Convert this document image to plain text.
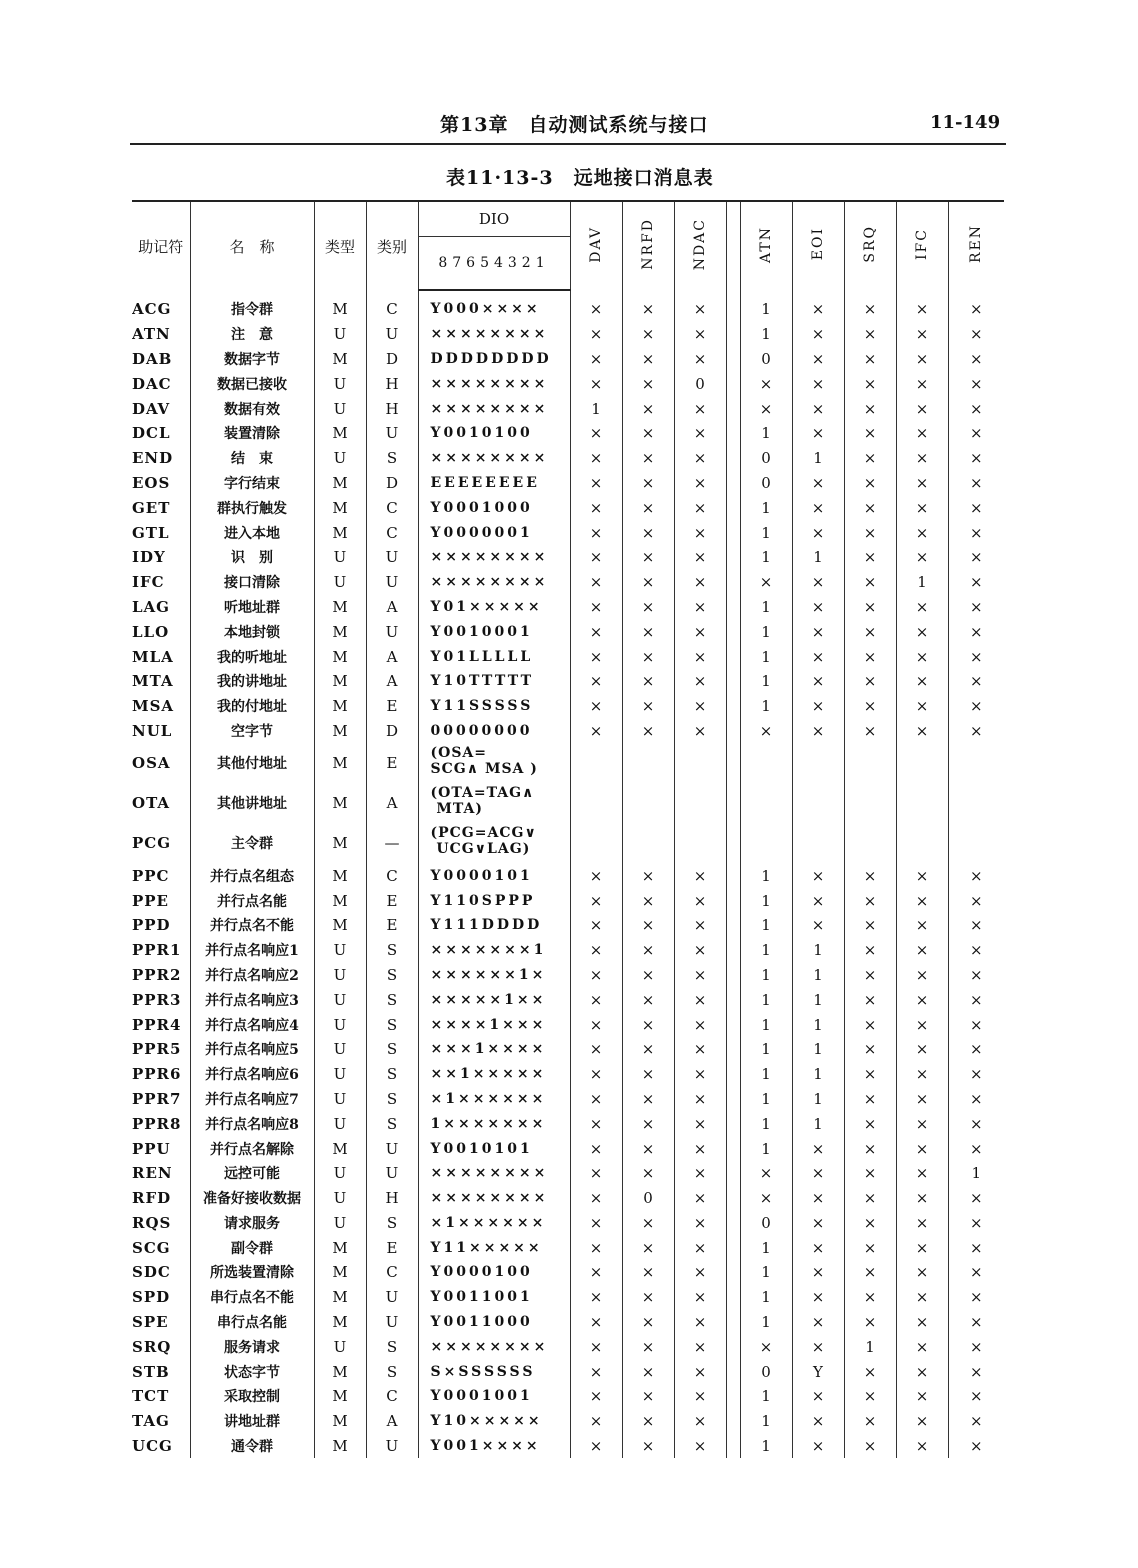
第13章　自动测试系统与接口	11-149
表11·13-3　远地接口消息表
助记符	名　称	类型	类别	DIO	DAV	NRFD	NDAC		ATN	EOI	SRQ	IFC	REN
				87654321									
ACG	指令群	M	C	Y000××××	×	×	×		1	×	×	×	×
ATN	注　意	U	U	××××××××	×	×	×		1	×	×	×	×
DAB	数据字节	M	D	DDDDDDDD	×	×	×		0	×	×	×	×
DAC	数据已接收	U	H	××××××××	×	×	0		×	×	×	×	×
DAV	数据有效	U	H	××××××××	1	×	×		×	×	×	×	×
DCL	装置清除	M	U	Y0010100	×	×	×		1	×	×	×	×
END	结　束	U	S	××××××××	×	×	×		0	1	×	×	×
EOS	字行结束	M	D	EEEEEEEE	×	×	×		0	×	×	×	×
GET	群执行触发	M	C	Y0001000	×	×	×		1	×	×	×	×
GTL	进入本地	M	C	Y0000001	×	×	×		1	×	×	×	×
IDY	识　别	U	U	××××××××	×	×	×		1	1	×	×	×
IFC	接口清除	U	U	××××××××	×	×	×		×	×	×	1	×
LAG	听地址群	M	A	Y01×××××	×	×	×		1	×	×	×	×
LLO	本地封锁	M	U	Y0010001	×	×	×		1	×	×	×	×
MLA	我的听地址	M	A	Y01LLLLL	×	×	×		1	×	×	×	×
MTA	我的讲地址	M	A	Y10TTTTT	×	×	×		1	×	×	×	×
MSA	我的付地址	M	E	Y11SSSSS	×	×	×		1	×	×	×	×
NUL	空字节	M	D	00000000	×	×	×		×	×	×	×	×
OSA	其他付地址	M	E	(OSA=
SCG∧ MSA )									
OTA	其他讲地址	M	A	(OTA=TAG∧
MTA)									
PCG	主令群	M	—	(PCG=ACG∨
UCG∨LAG)									
PPC	并行点名组态	M	C	Y0000101	×	×	×		1	×	×	×	×
PPE	并行点名能	M	E	Y110SPPP	×	×	×		1	×	×	×	×
PPD	并行点名不能	M	E	Y111DDDD	×	×	×		1	×	×	×	×
PPR1	并行点名响应1	U	S	×××××××1	×	×	×		1	1	×	×	×
PPR2	并行点名响应2	U	S	××××××1×	×	×	×		1	1	×	×	×
PPR3	并行点名响应3	U	S	×××××1××	×	×	×		1	1	×	×	×
PPR4	并行点名响应4	U	S	××××1×××	×	×	×		1	1	×	×	×
PPR5	并行点名响应5	U	S	×××1××××	×	×	×		1	1	×	×	×
PPR6	并行点名响应6	U	S	××1×××××	×	×	×		1	1	×	×	×
PPR7	并行点名响应7	U	S	×1××××××	×	×	×		1	1	×	×	×
PPR8	并行点名响应8	U	S	1×××××××	×	×	×		1	1	×	×	×
PPU	并行点名解除	M	U	Y0010101	×	×	×		1	×	×	×	×
REN	远控可能	U	U	××××××××	×	×	×		×	×	×	×	1
RFD	准备好接收数据	U	H	××××××××	×	0	×		×	×	×	×	×
RQS	请求服务	U	S	×1××××××	×	×	×		0	×	×	×	×
SCG	副令群	M	E	Y11×××××	×	×	×		1	×	×	×	×
SDC	所选装置清除	M	C	Y0000100	×	×	×		1	×	×	×	×
SPD	串行点名不能	M	U	Y0011001	×	×	×		1	×	×	×	×
SPE	串行点名能	M	U	Y0011000	×	×	×		1	×	×	×	×
SRQ	服务请求	U	S	××××××××	×	×	×		×	×	1	×	×
STB	状态字节	M	S	S×SSSSSS	×	×	×		0	Y	×	×	×
TCT	采取控制	M	C	Y0001001	×	×	×		1	×	×	×	×
TAG	讲地址群	M	A	Y10×××××	×	×	×		1	×	×	×	×
UCG	通令群	M	U	Y001××××	×	×	×		1	×	×	×	×
